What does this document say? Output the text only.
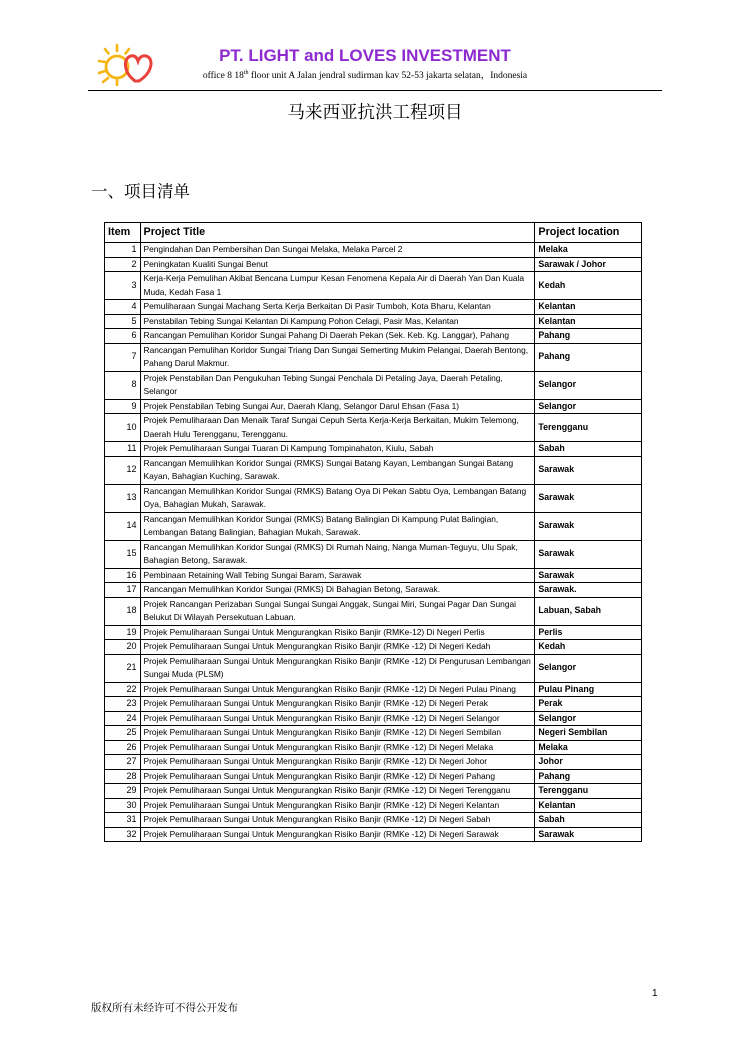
PT. LIGHT and LOVES INVESTMENT
office 8 18th floor unit A Jalan jendral sudirman kav 52-53 jakarta selatan，Indonesia
马来西亚抗洪工程项目
一、项目清单
Item	Project Title	Project location
1	Pengindahan Dan Pembersihan Dan Sungai Melaka, Melaka Parcel 2	Melaka
2	Peningkatan Kualiti Sungai Benut	Sarawak / Johor
3	Kerja-Kerja Pemulihan Akibat Bencana Lumpur Kesan Fenomena Kepala Air di Daerah Yan Dan Kuala Muda, Kedah Fasa 1	Kedah
4	Pemuliharaan Sungai Machang Serta Kerja Berkaitan Di Pasir Tumboh, Kota Bharu, Kelantan	Kelantan
5	Penstabilan Tebing Sungai Kelantan Di Kampung Pohon Celagi, Pasir Mas, Kelantan	Kelantan
6	Rancangan Pemulihan Koridor Sungai Pahang Di Daerah Pekan (Sek. Keb. Kg. Langgar), Pahang	Pahang
7	Rancangan Pemulihan Koridor Sungai Triang Dan Sungai Semerting Mukim Pelangai, Daerah Bentong, Pahang Darul Makmur.	Pahang
8	Projek Penstabilan Dan Pengukuhan Tebing Sungai Penchala Di Petaling Jaya, Daerah Petaling, Selangor	Selangor
9	Projek Penstabilan Tebing Sungai Aur, Daerah Klang, Selangor Darul Ehsan (Fasa 1)	Selangor
10	Projek Pemuliharaan Dan Menaik Taraf Sungai Cepuh Serta Kerja-Kerja Berkaitan, Mukim Telemong, Daerah Hulu Terengganu, Terengganu.	Terengganu
11	Projek Pemuliharaan Sungai Tuaran Di Kampung Tompinahaton, Kiulu, Sabah	Sabah
12	Rancangan Memulihkan Koridor Sungai (RMKS) Sungai Batang Kayan, Lembangan Sungai Batang Kayan, Bahagian Kuching, Sarawak.	Sarawak
13	Rancangan Memulihkan Koridor Sungai (RMKS) Batang Oya Di Pekan Sabtu Oya, Lembangan Batang Oya, Bahagian Mukah, Sarawak.	Sarawak
14	Rancangan Memulihkan Koridor Sungai (RMKS) Batang Balingian Di Kampung Pulat Balingian, Lembangan Batang Balingian, Bahagian Mukah, Sarawak.	Sarawak
15	Rancangan Memulihkan Koridor Sungai (RMKS) Di Rumah Naing, Nanga Muman-Teguyu, Ulu Spak, Bahagian Betong, Sarawak.	Sarawak
16	Pembinaan Retaining Wall Tebing Sungai Baram, Sarawak	Sarawak
17	Rancangan Memulihkan Koridor Sungai (RMKS) Di Bahagian Betong, Sarawak.	Sarawak.
18	Projek Rancangan Perizaban Sungai Sungai Sungai Anggak, Sungai Miri, Sungai Pagar Dan Sungai Belukut Di Wilayah Persekutuan Labuan.	Labuan, Sabah
19	Projek Pemuliharaan Sungai Untuk Mengurangkan Risiko Banjir (RMKe-12) Di Negeri Perlis	Perlis
20	Projek Pemuliharaan Sungai Untuk Mengurangkan Risiko Banjir (RMKe -12) Di Negeri Kedah	Kedah
21	Projek Pemuliharaan Sungai Untuk Mengurangkan Risiko Banjir (RMKe -12) Di Pengurusan Lembangan Sungai Muda (PLSM)	Selangor
22	Projek Pemuliharaan Sungai Untuk Mengurangkan Risiko Banjir (RMKe -12) Di Negeri Pulau Pinang	Pulau Pinang
23	Projek Pemuliharaan Sungai Untuk Mengurangkan Risiko Banjir (RMKe -12) Di Negeri Perak	Perak
24	Projek Pemuliharaan Sungai Untuk Mengurangkan Risiko Banjir (RMKe -12) Di Negeri Selangor	Selangor
25	Projek Pemuliharaan Sungai Untuk Mengurangkan Risiko Banjir (RMKe -12) Di Negeri Sembilan	Negeri Sembilan
26	Projek Pemuliharaan Sungai Untuk Mengurangkan Risiko Banjir (RMKe -12) Di Negeri Melaka	Melaka
27	Projek Pemuliharaan Sungai Untuk Mengurangkan Risiko Banjir (RMKe -12) Di Negeri Johor	Johor
28	Projek Pemuliharaan Sungai Untuk Mengurangkan Risiko Banjir (RMKe -12) Di Negeri Pahang	Pahang
29	Projek Pemuliharaan Sungai Untuk Mengurangkan Risiko Banjir (RMKe -12) Di Negeri Terengganu	Terengganu
30	Projek Pemuliharaan Sungai Untuk Mengurangkan Risiko Banjir (RMKe -12) Di Negeri Kelantan	Kelantan
31	Projek Pemuliharaan Sungai Untuk Mengurangkan Risiko Banjir (RMKe -12) Di Negeri Sabah	Sabah
32	Projek Pemuliharaan Sungai Untuk Mengurangkan Risiko Banjir (RMKe -12) Di Negeri Sarawak	Sarawak
1
版权所有未经许可不得公开发布
